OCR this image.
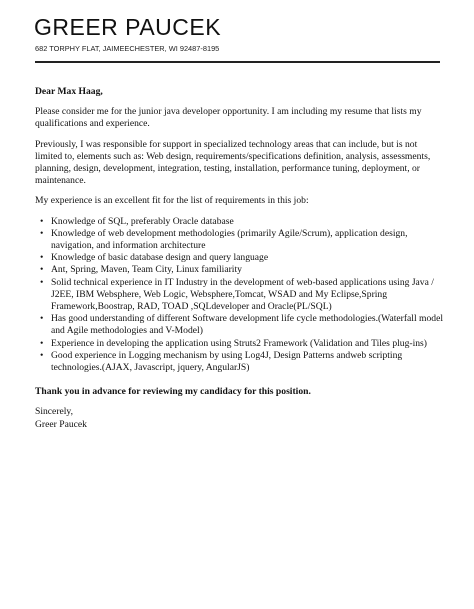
GREER PAUCEK
682 TORPHY FLAT, JAIMEECHESTER, WI 92487-8195

Dear Max Haag,

Please consider me for the junior java developer opportunity. I am including my resume that lists my qualifications and experience.

Previously, I was responsible for support in specialized technology areas that can include, but is not limited to, elements such as: Web design, requirements/specifications definition, analysis, assessments, planning, design, development, integration, testing, installation, performance tuning, deployment, or maintenance.

My experience is an excellent fit for the list of requirements in this job:

• Knowledge of SQL, preferably Oracle database
• Knowledge of web development methodologies (primarily Agile/Scrum), application design, navigation, and information architecture
• Knowledge of basic database design and query language
• Ant, Spring, Maven, Team City, Linux familiarity
• Solid technical experience in IT Industry in the development of web-based applications using Java / J2EE, IBM Websphere, Web Logic, Websphere,Tomcat, WSAD and My Eclipse,Spring Framework,Boostrap, RAD, TOAD ,SQLdeveloper and Oracle(PL/SQL)
• Has good understanding of different Software development life cycle methodologies.(Waterfall model and Agile methodologies and V-Model)
• Experience in developing the application using Struts2 Framework (Validation and Tiles plug-ins)
• Good experience in Logging mechanism by using Log4J, Design Patterns andweb scripting technologies.(AJAX, Javascript, jquery, AngularJS)

Thank you in advance for reviewing my candidacy for this position.

Sincerely,

Greer Paucek
